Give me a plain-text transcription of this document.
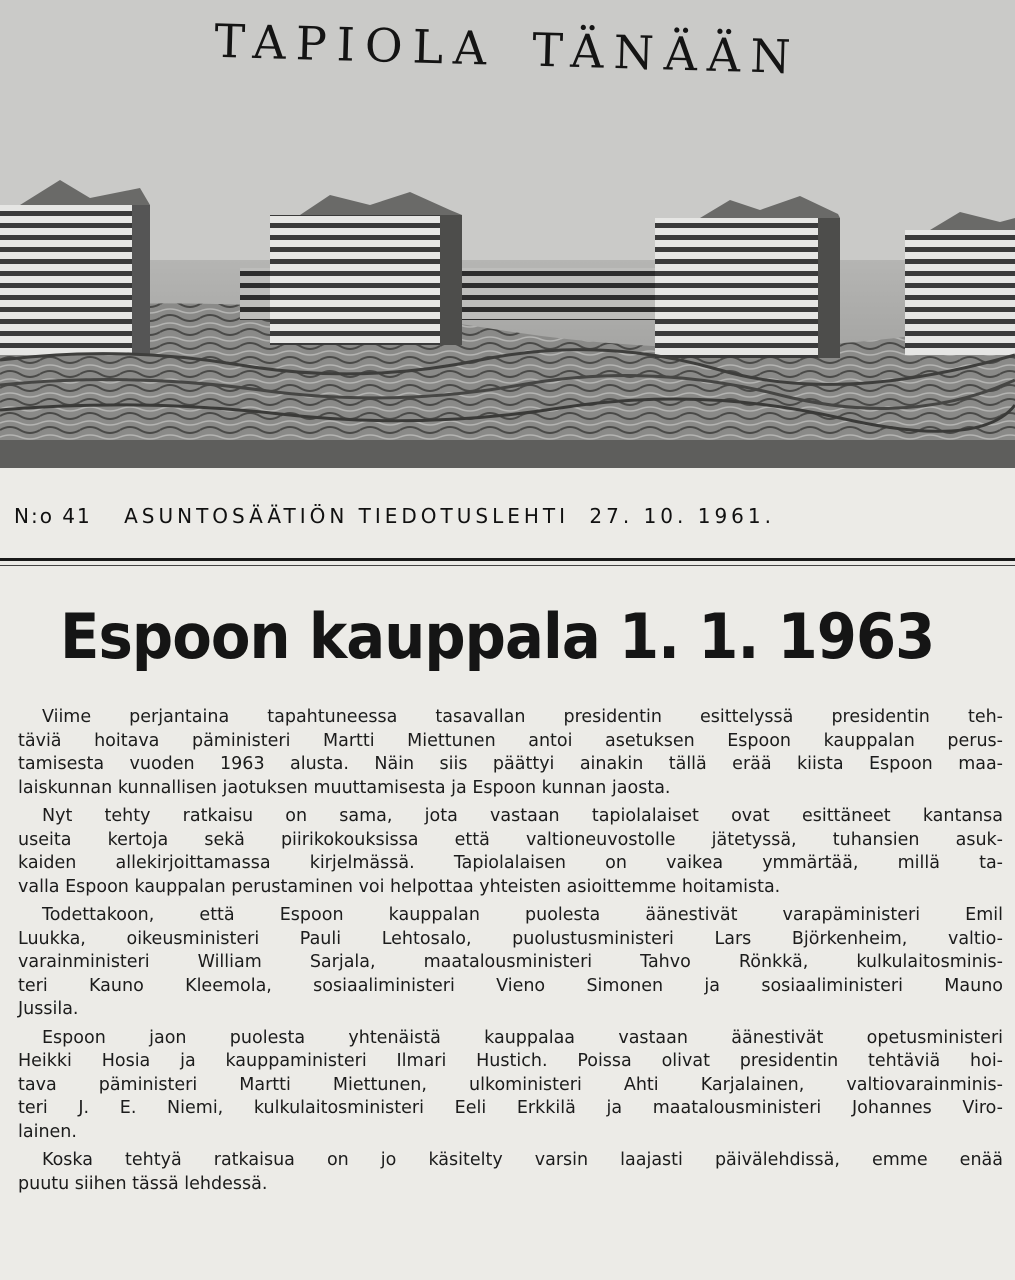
TAPIOLA TÄNÄÄN
N:o 41 ASUNTOSÄÄTIÖN TIEDOTUSLEHTI 27. 10. 1961.
Espoon kauppala 1. 1. 1963

Viime perjantaina tapahtuneessa tasavallan presidentin esittelyssä presidentin teh-
täviä hoitava päministeri Martti Miettunen antoi asetuksen Espoon kauppalan perus-
tamisesta vuoden 1963 alusta. Näin siis päättyi ainakin tällä erää kiista Espoon maa-
laiskunnan kunnallisen jaotuksen muuttamisesta ja Espoon kunnan jaosta.

Nyt tehty ratkaisu on sama, jota vastaan tapiolalaiset ovat esittäneet kantansa
useita kertoja sekä piirikokouksissa että valtioneuvostolle jätetyssä, tuhansien asuk-
kaiden allekirjoittamassa kirjelmässä. Tapiolalaisen on vaikea ymmärtää, millä ta-
valla Espoon kauppalan perustaminen voi helpottaa yhteisten asioittemme hoitamista.

Todettakoon, että Espoon kauppalan puolesta äänestivät varapäministeri Emil
Luukka, oikeusministeri Pauli Lehtosalo, puolustusministeri Lars Björkenheim, valtio-
varainministeri William Sarjala, maatalousministeri Tahvo Rönkkä, kulkulaitosminis-
teri Kauno Kleemola, sosiaaliministeri Vieno Simonen ja sosiaaliministeri Mauno
Jussila.

Espoon jaon puolesta yhtenäistä kauppalaa vastaan äänestivät opetusministeri
Heikki Hosia ja kauppaministeri Ilmari Hustich. Poissa olivat presidentin tehtäviä hoi-
tava päministeri Martti Miettunen, ulkoministeri Ahti Karjalainen, valtiovarainminis-
teri J. E. Niemi, kulkulaitosministeri Eeli Erkkilä ja maatalousministeri Johannes Viro-
lainen.

Koska tehtyä ratkaisua on jo käsitelty varsin laajasti päivälehdissä, emme enää
puutu siihen tässä lehdessä.
